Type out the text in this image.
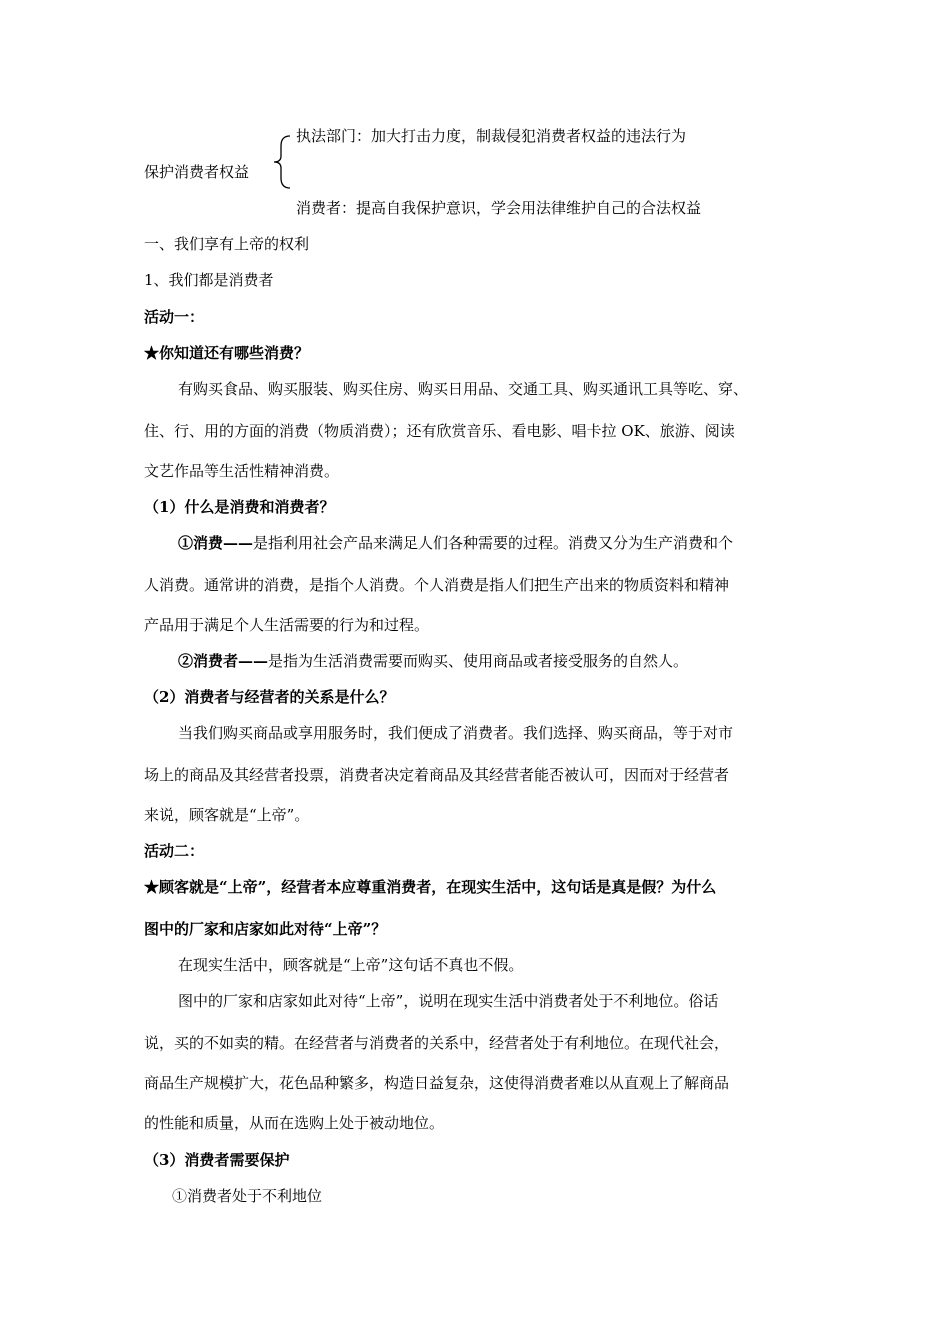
执法部门：加大打击力度，制裁侵犯消费者权益的违法行为
保护消费者权益
消费者：提高自我保护意识，学会用法律维护自己的合法权益
一、我们享有上帝的权利
1、我们都是消费者
活动一：
★你知道还有哪些消费？
有购买食品、购买服装、购买住房、购买日用品、交通工具、购买通讯工具等吃、穿、
住、行、用的方面的消费（物质消费）；还有欣赏音乐、看电影、唱卡拉 OK、旅游、阅读
文艺作品等生活性精神消费。
（1）什么是消费和消费者？
①消费——是指利用社会产品来满足人们各种需要的过程。消费又分为生产消费和个
人消费。通常讲的消费，是指个人消费。个人消费是指人们把生产出来的物质资料和精神
产品用于满足个人生活需要的行为和过程。
②消费者——是指为生活消费需要而购买、使用商品或者接受服务的自然人。
（2）消费者与经营者的关系是什么？
当我们购买商品或享用服务时，我们便成了消费者。我们选择、购买商品，等于对市
场上的商品及其经营者投票，消费者决定着商品及其经营者能否被认可，因而对于经营者
来说，顾客就是“上帝”。
活动二：
★顾客就是“上帝”，经营者本应尊重消费者，在现实生活中，这句话是真是假？为什么
图中的厂家和店家如此对待“上帝”？
在现实生活中，顾客就是“上帝”这句话不真也不假。
图中的厂家和店家如此对待“上帝”，说明在现实生活中消费者处于不利地位。俗话
说，买的不如卖的精。在经营者与消费者的关系中，经营者处于有利地位。在现代社会，
商品生产规模扩大，花色品种繁多，构造日益复杂，这使得消费者难以从直观上了解商品
的性能和质量，从而在选购上处于被动地位。
（3）消费者需要保护
①消费者处于不利地位
